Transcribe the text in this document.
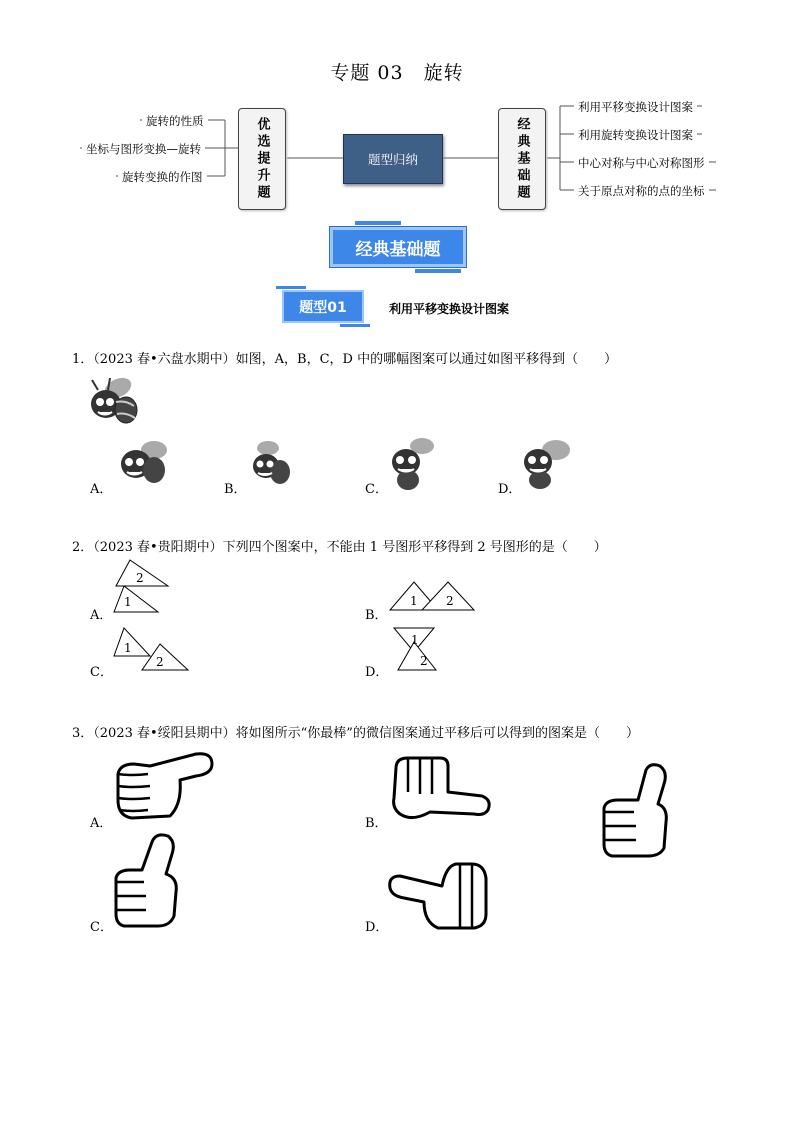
专题 03　旋转
旋转的性质
坐标与图形变换—旋转
旋转变换的作图	优选提升题	题型归纳	经典基础题
利用平移变换设计图案
利用旋转变换设计图案
中心对称与中心对称图形
关于原点对称的点的坐标
经典基础题
题型01	利用平移变换设计图案
1．（2023 春•六盘水期中）如图，A，B，C，D 中的哪幅图案可以通过如图平移得到（　　）
A．	B．	C．	D．
2．（2023 春•贵阳期中）下列四个图案中，不能由 1 号图形平移得到 2 号图形的是（　　）
A．
2
1
B．
1 2
C．
1
2
D．
1
2
3．（2023 春•绥阳县期中）将如图所示“你最棒”的微信图案通过平移后可以得到的图案是（　　）
A．	B．
C．	D．
